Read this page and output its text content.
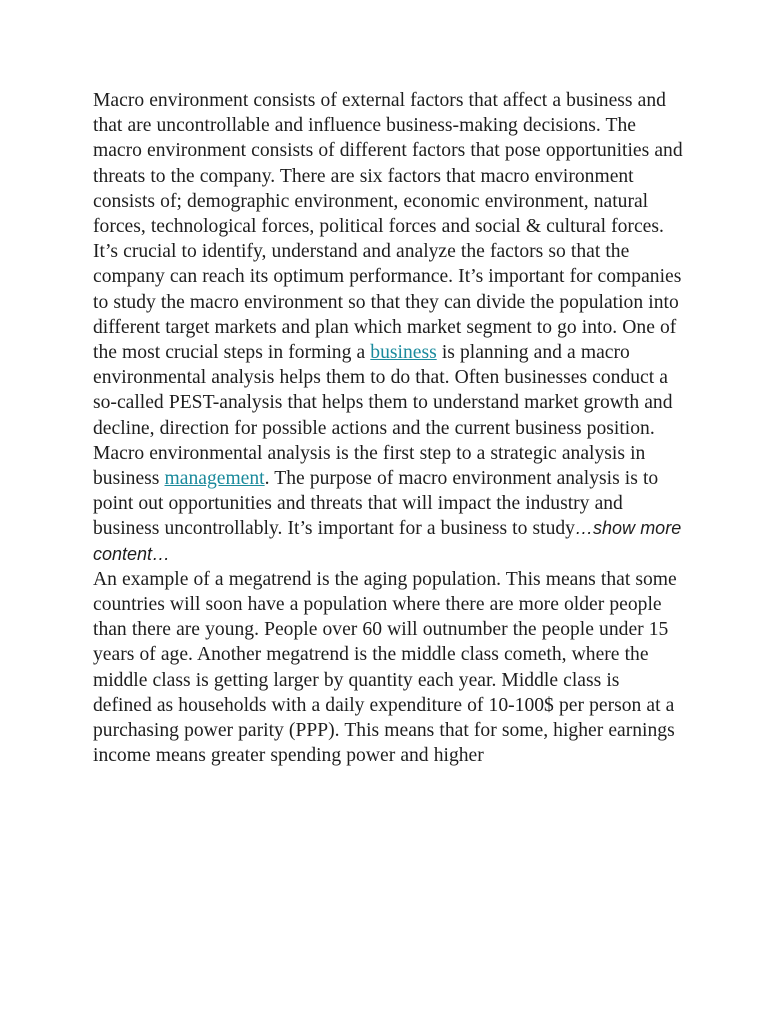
Macro environment consists of external factors that affect a business and that are uncontrollable and influence business-making decisions. The macro environment consists of different factors that pose opportunities and threats to the company. There are six factors that macro environment consists of; demographic environment, economic environment, natural forces, technological forces, political forces and social & cultural forces. It’s crucial to identify, understand and analyze the factors so that the company can reach its optimum performance. It’s important for companies to study the macro environment so that they can divide the population into different target markets and plan which market segment to go into. One of the most crucial steps in forming a business is planning and a macro environmental analysis helps them to do that. Often businesses conduct a so-called PEST-analysis that helps them to understand market growth and decline, direction for possible actions and the current business position. Macro environmental analysis is the first step to a strategic analysis in business management. The purpose of macro environment analysis is to point out opportunities and threats that will impact the industry and business uncontrollably. It’s important for a business to study…show more content…

An example of a megatrend is the aging population. This means that some countries will soon have a population where there are more older people than there are young. People over 60 will outnumber the people under 15 years of age. Another megatrend is the middle class cometh, where the middle class is getting larger by quantity each year. Middle class is defined as households with a daily expenditure of 10-100$ per person at a purchasing power parity (PPP). This means that for some, higher earnings income means greater spending power and higher
